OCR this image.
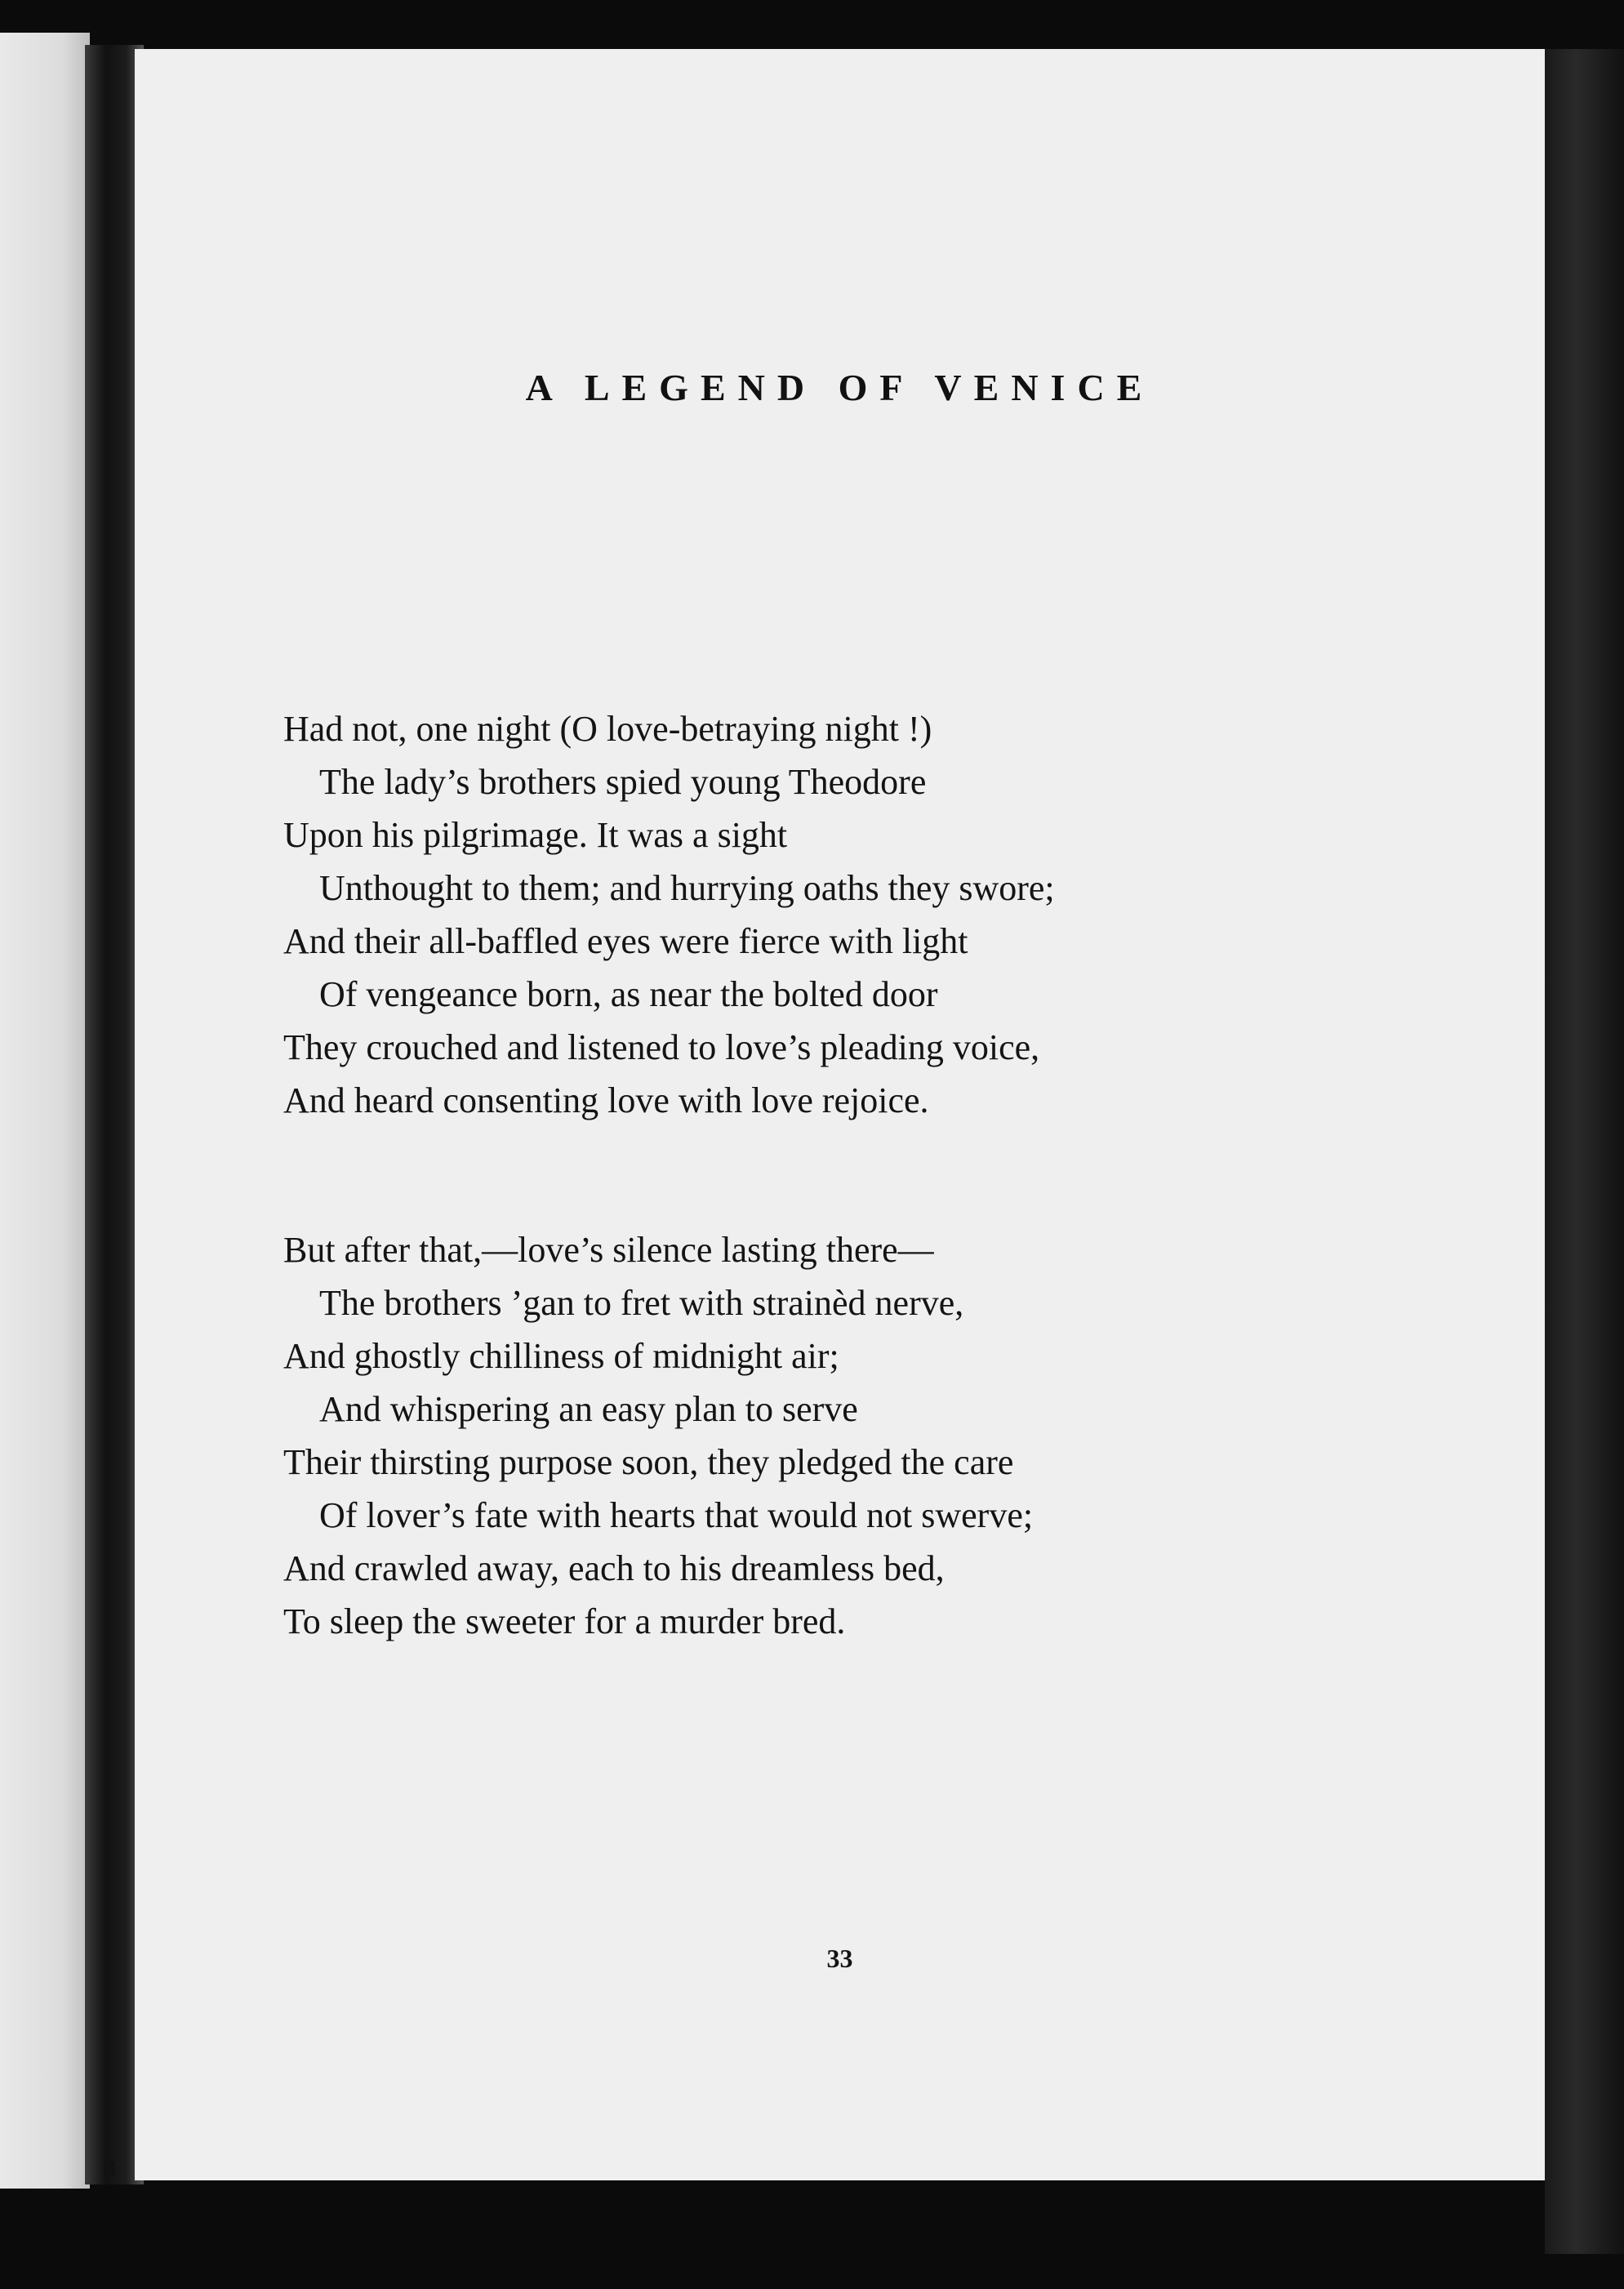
A LEGEND OF VENICE
Had not, one night (O love-betraying night !)
The lady’s brothers spied young Theodore
Upon his pilgrimage. It was a sight
Unthought to them; and hurrying oaths they swore;
And their all-baffled eyes were fierce with light
Of vengeance born, as near the bolted door
They crouched and listened to love’s pleading voice,
And heard consenting love with love rejoice.
But after that,—love’s silence lasting there—
The brothers ’gan to fret with strainèd nerve,
And ghostly chilliness of midnight air;
And whispering an easy plan to serve
Their thirsting purpose soon, they pledged the care
Of lover’s fate with hearts that would not swerve;
And crawled away, each to his dreamless bed,
To sleep the sweeter for a murder bred.
33
3
